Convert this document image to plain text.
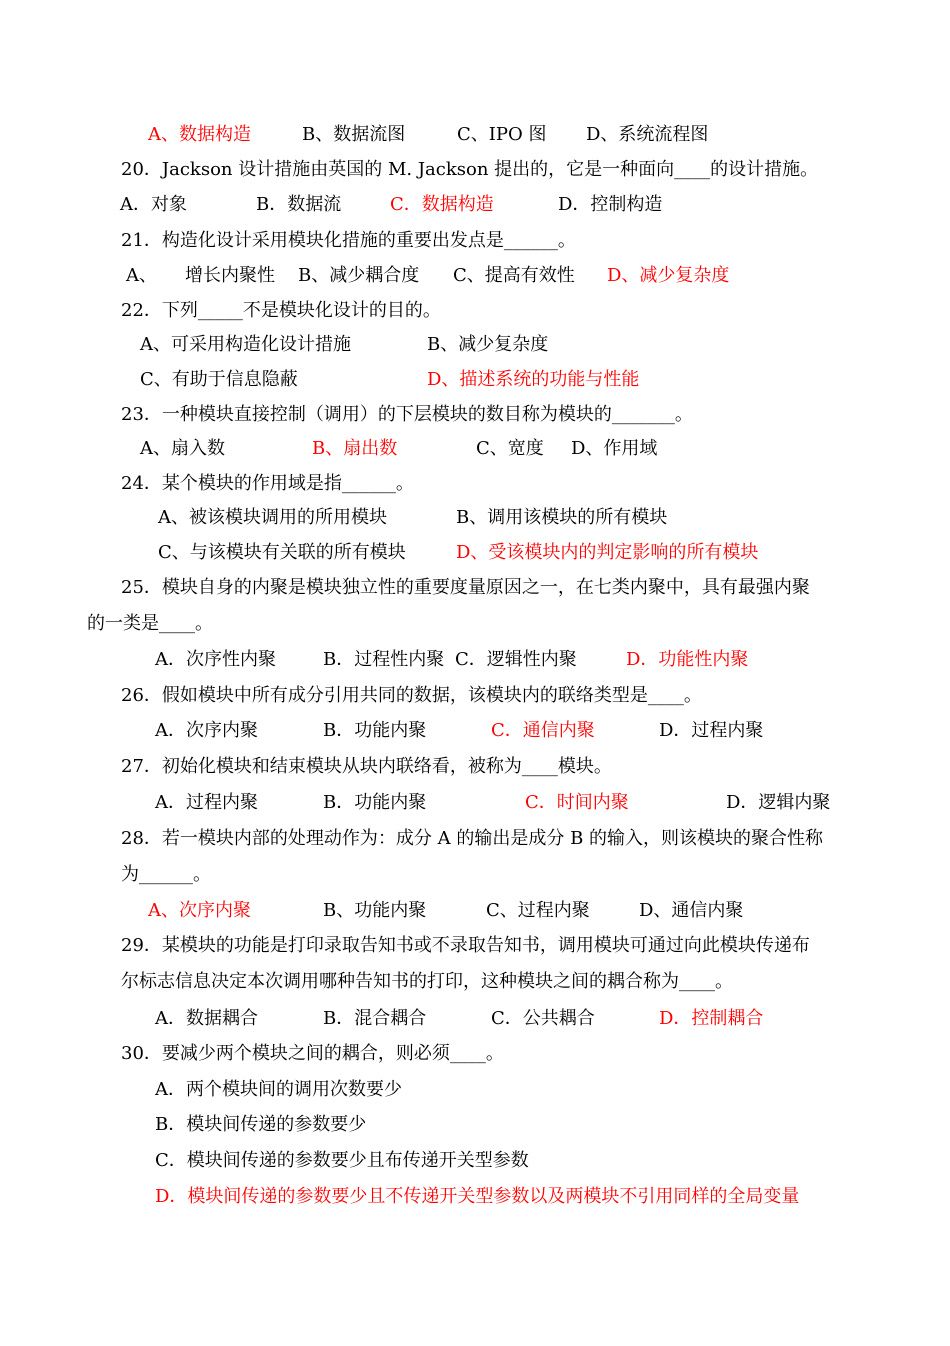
A、数据构造	B、数据流图	C、IPO 图 D、系统流程图
20．Jackson 设计措施由英国的 M. Jackson 提出的，它是一种面向____的设计措施。
A．对象	B．数据流	C．数据构造	D．控制构造
21．构造化设计采用模块化措施的重要出发点是______。
A、 增长内聚性 B、减少耦合度 C、提高有效性 D、减少复杂度
22．下列_____不是模块化设计的目的。
A、可采用构造化设计措施	B、减少复杂度
C、有助于信息隐蔽	D、描述系统的功能与性能
23．一种模块直接控制（调用）的下层模块的数目称为模块的_______。
A、扇入数	B、扇出数	C、宽度 D、作用域
24．某个模块的作用域是指______。
A、被该模块调用的所用模块	B、调用该模块的所有模块
C、与该模块有关联的所有模块	D、受该模块内的判定影响的所有模块
25．模块自身的内聚是模块独立性的重要度量原因之一，在七类内聚中，具有最强内聚
的一类是____。
A．次序性内聚	B．过程性内聚 C．逻辑性内聚	D．功能性内聚
26．假如模块中所有成分引用共同的数据，该模块内的联络类型是____。
A．次序内聚	B．功能内聚	C．通信内聚	D．过程内聚
27．初始化模块和结束模块从块内联络看，被称为____模块。
A．过程内聚	B．功能内聚	C．时间内聚	D．逻辑内聚
28．若一模块内部的处理动作为：成分 A 的输出是成分 B 的输入，则该模块的聚合性称
为______。
A、次序内聚	B、功能内聚	C、过程内聚	D、通信内聚
29．某模块的功能是打印录取告知书或不录取告知书，调用模块可通过向此模块传递布
尔标志信息决定本次调用哪种告知书的打印，这种模块之间的耦合称为____。
A．数据耦合	B．混合耦合	C．公共耦合	D．控制耦合
30．要减少两个模块之间的耦合，则必须____。
A．两个模块间的调用次数要少
B．模块间传递的参数要少
C．模块间传递的参数要少且布传递开关型参数
D．模块间传递的参数要少且不传递开关型参数以及两模块不引用同样的全局变量
